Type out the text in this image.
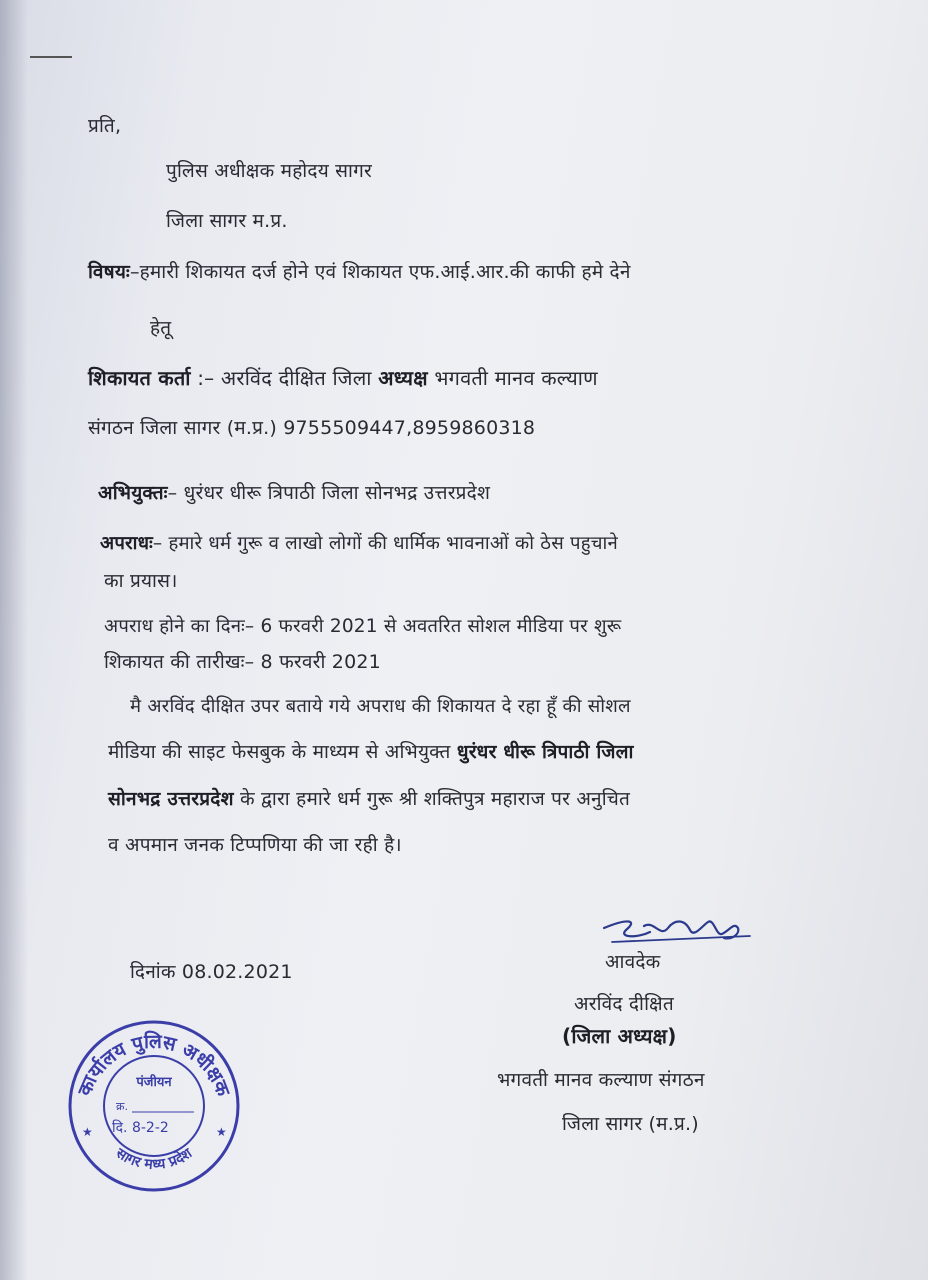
प्रति,
पुलिस अधीक्षक महोदय सागर
जिला सागर म.प्र.
विषयः–हमारी शिकायत दर्ज होने एवं शिकायत एफ.आई.आर.की काफी हमे देने
हेतू
शिकायत कर्ता :– अरविंद दीक्षित जिला अध्यक्ष भगवती मानव कल्याण
संगठन जिला सागर (म.प्र.) 9755509447,8959860318
अभियुक्तः– धुरंधर धीरू त्रिपाठी जिला सोनभद्र उत्तरप्रदेश
अपराधः– हमारे धर्म गुरू व लाखो लोगों की धार्मिक भावनाओं को ठेस पहुचाने
का प्रयास।
अपराध होने का दिनः– 6 फरवरी 2021 से अवतरित सोशल मीडिया पर शुरू
शिकायत की तारीखः– 8 फरवरी 2021
मै अरविंद दीक्षित उपर बताये गये अपराध की शिकायत दे रहा हूँ की सोशल
मीडिया की साइट फेसबुक के माध्यम से अभियुक्त धुरंधर धीरू त्रिपाठी जिला
सोनभद्र उत्तरप्रदेश के द्वारा हमारे धर्म गुरू श्री शक्तिपुत्र महाराज पर अनुचित
व अपमान जनक टिप्पणिया की जा रही है।
दिनांक 08.02.2021	आवदेक
अरविंद दीक्षित
(जिला अध्यक्ष)
भगवती मानव कल्याण संगठन
जिला सागर (म.प्र.)
कार्यालय पुलिस अधीक्षक
सागर मध्य प्रदेश
पंजीयन
क्र.
दि. 8-2-2
★	★
